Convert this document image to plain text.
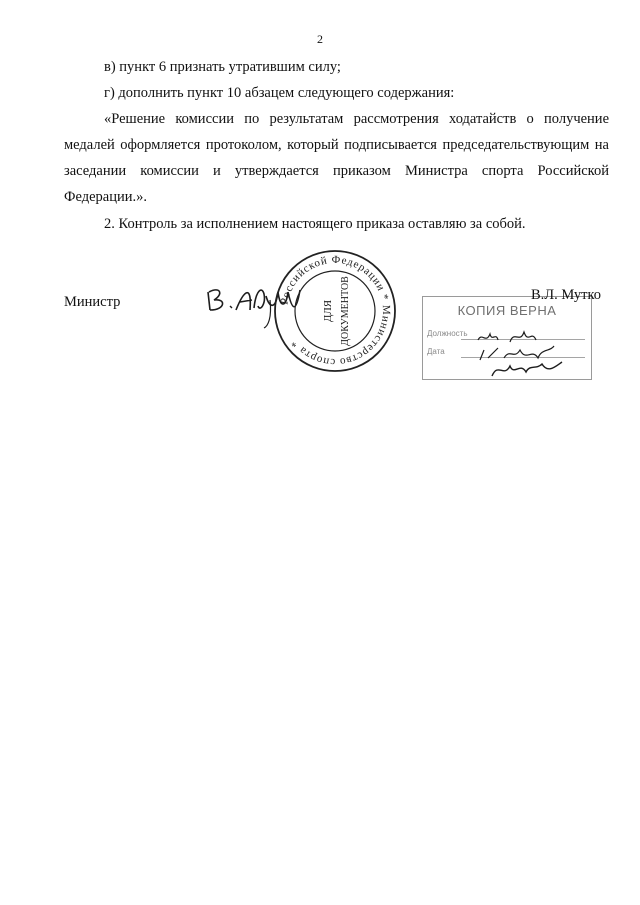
2
в) пункт 6 признать утратившим силу;
г) дополнить пункт 10 абзацем следующего содержания:
«Решение комиссии по результатам рассмотрения ходатайств о получение медалей оформляется протоколом, который подписывается председательствующим на заседании комиссии и утверждается приказом Министра спорта Российской Федерации.».
2. Контроль за исполнением настоящего приказа оставляю за собой.
Министр	Российской Федерации * Министерство спорта *
ДЛЯ ДОКУМЕНТОВ	КОПИЯ ВЕРНА
Должность
Дата
В.Л. Мутко
